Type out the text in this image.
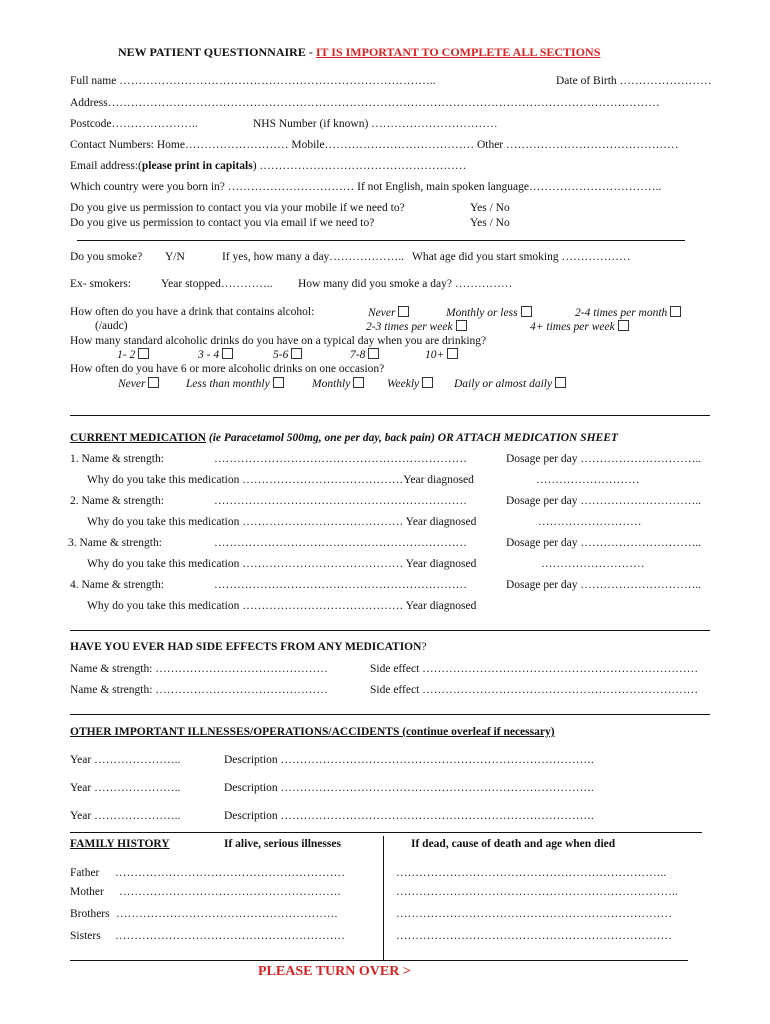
NEW PATIENT QUESTIONNAIRE - IT IS IMPORTANT TO COMPLETE ALL SECTIONS
Full name ………………………………………………………………………..	Date of Birth ……………………
Address………………………………………………………………………………………………………………………………
Postcode…………………..	NHS Number (if known) ……………………………
Contact Numbers: Home……………………… Mobile………………………………… Other ………………………………………
Email address:(please print in capitals) ………………………………………………
Which country were you born in? …………………………… If not English, main spoken language……………………………..
Do you give us permission to contact you via your mobile if we need to?	Yes / No
Do you give us permission to contact you via email if we need to?	Yes / No
Do you smoke? Y/N	If yes, how many a day……………….. What age did you start smoking ………………
Ex- smokers:	Year stopped………….. How many did you smoke a day? ……………
How often do you have a drink that contains alcohol:
(/audc)
Never	Monthly or less	2-4 times per month
2-3 times per week	4+ times per week
How many standard alcoholic drinks do you have on a typical day when you are drinking?
1- 2	3 - 4	5-6	7-8	10+
How often do you have 6 or more alcoholic drinks on one occasion?
Never	Less than monthly	Monthly	Weekly	Daily or almost daily
CURRENT MEDICATION (ie Paracetamol 500mg, one per day, back pain) OR ATTACH MEDICATION SHEET
1. Name & strength:	…………………………………………………………	Dosage per day …………………………..
Why do you take this medication ……………………………………Year diagnosed	………………………
2. Name & strength:	…………………………………………………………	Dosage per day …………………………..
Why do you take this medication …………………………………… Year diagnosed	………………………
3. Name & strength:	…………………………………………………………	Dosage per day …………………………..
Why do you take this medication …………………………………… Year diagnosed	………………………
4. Name & strength:	…………………………………………………………	Dosage per day …………………………..
Why do you take this medication …………………………………… Year diagnosed
HAVE YOU EVER HAD SIDE EFFECTS FROM ANY MEDICATION?
Name & strength: ………………………………………	Side effect ………………………………………………………………
Name & strength: ………………………………………	Side effect ………………………………………………………………
OTHER IMPORTANT ILLNESSES/OPERATIONS/ACCIDENTS (continue overleaf if necessary)
Year …………………..	Description ……………………………………………………………………….
Year …………………..	Description ……………………………………………………………………….
Year …………………..	Description ……………………………………………………………………….
FAMILY HISTORY	If alive, serious illnesses	If dead, cause of death and age when died
Father ……………………………………………………	……………………………………………………………..
Mother ………………………………………………….	………………………………………………………………..
Brothers ………………………………………………….	………………………………………………………………
Sisters ……………………………………………………	………………………………………………………………
PLEASE TURN OVER >
